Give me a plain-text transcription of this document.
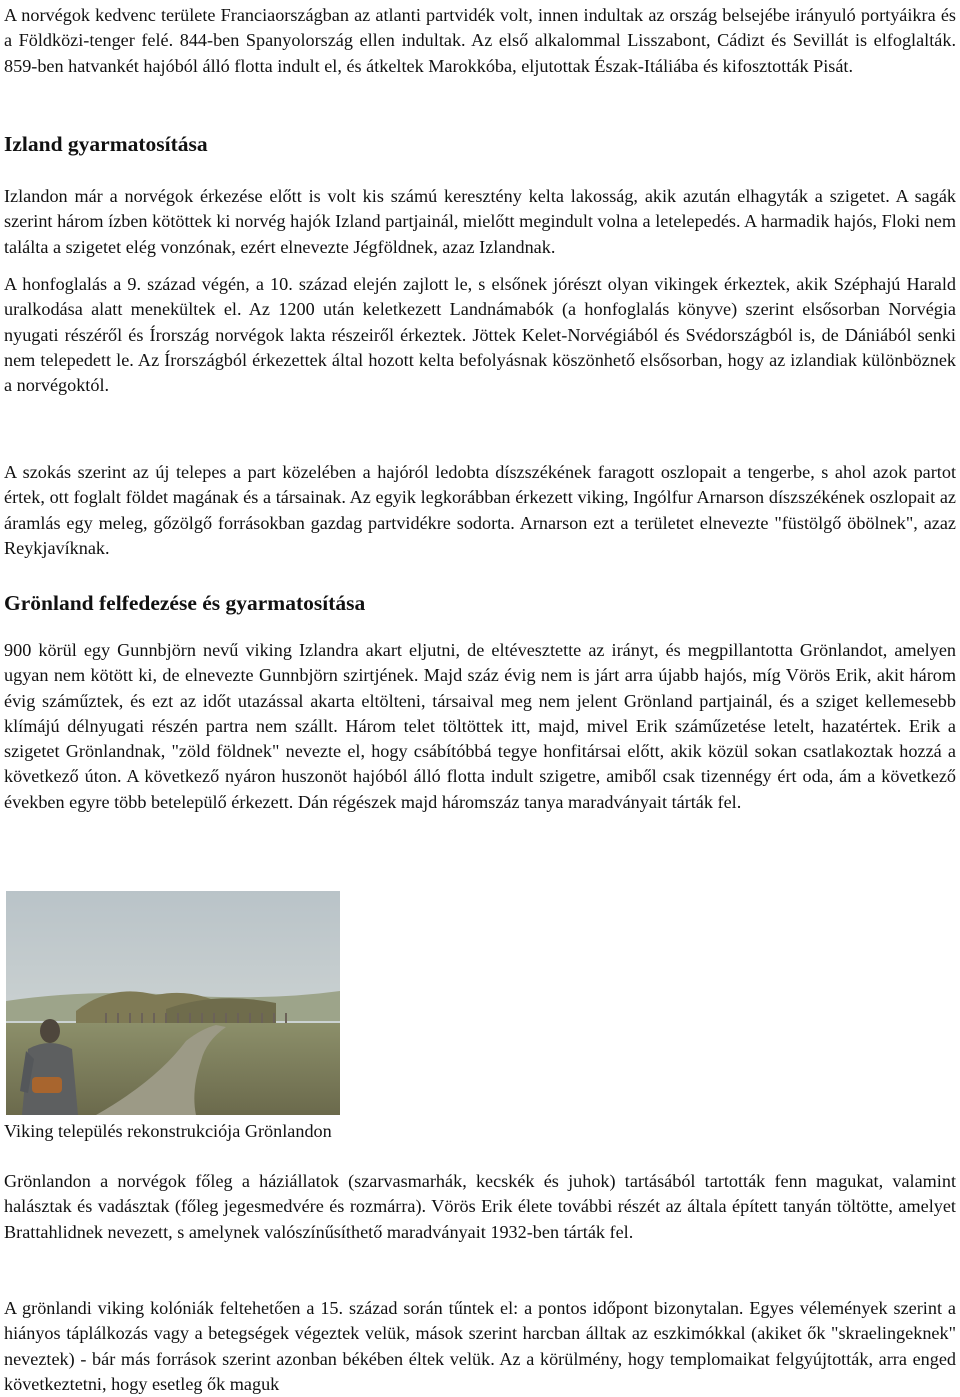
A norvégok kedvenc területe Franciaországban az atlanti partvidék volt, innen indultak az ország belsejébe irányuló portyáikra és a Földközi-tenger felé. 844-ben Spanyolország ellen indultak. Az első alkalommal Lisszabont, Cádizt és Sevillát is elfoglalták. 859-ben hatvankét hajóból álló flotta indult el, és átkeltek Marokkóba, eljutottak Észak-Itáliába és kifosztották Pisát.

Izland gyarmatosítása

Izlandon már a norvégok érkezése előtt is volt kis számú keresztény kelta lakosság, akik azután elhagyták a szigetet. A sagák szerint három ízben kötöttek ki norvég hajók Izland partjainál, mielőtt megindult volna a letelepedés. A harmadik hajós, Floki nem találta a szigetet elég vonzónak, ezért elnevezte Jégföldnek, azaz Izlandnak.

A honfoglalás a 9. század végén, a 10. század elején zajlott le, s elsőnek jórészt olyan vikingek érkeztek, akik Széphajú Harald uralkodása alatt menekültek el. Az 1200 után keletkezett Landnámabók (a honfoglalás könyve) szerint elsősorban Norvégia nyugati részéről és Írország norvégok lakta részeiről érkeztek. Jöttek Kelet-Norvégiából és Svédországból is, de Dániából senki nem telepedett le. Az Írországból érkezettek által hozott kelta befolyásnak köszönhető elsősorban, hogy az izlandiak különböznek a norvégoktól.

A szokás szerint az új telepes a part közelében a hajóról ledobta díszszékének faragott oszlopait a tengerbe, s ahol azok partot értek, ott foglalt földet magának és a társainak. Az egyik legkorábban érkezett viking, Ingólfur Arnarson díszszékének oszlopait az áramlás egy meleg, gőzölgő forrásokban gazdag partvidékre sodorta. Arnarson ezt a területet elnevezte "füstölgő öbölnek", azaz Reykjavíknak.

Grönland felfedezése és gyarmatosítása

900 körül egy Gunnbjörn nevű viking Izlandra akart eljutni, de eltévesztette az irányt, és megpillantotta Grönlandot, amelyen ugyan nem kötött ki, de elnevezte Gunnbjörn szirtjének. Majd száz évig nem is járt arra újabb hajós, míg Vörös Erik, akit három évig száműztek, és ezt az időt utazással akarta eltölteni, társaival meg nem jelent Grönland partjainál, és a sziget kellemesebb klímájú délnyugati részén partra nem szállt. Három telet töltöttek itt, majd, mivel Erik száműzetése letelt, hazatértek. Erik a szigetet Grönlandnak, "zöld földnek" nevezte el, hogy csábítóbbá tegye honfitársai előtt, akik közül sokan csatlakoztak hozzá a következő úton. A következő nyáron huszonöt hajóból álló flotta indult szigetre, amiből csak tizennégy ért oda, ám a következő években egyre több betelepülő érkezett. Dán régészek majd háromszáz tanya maradványait tárták fel.

Viking település rekonstrukciója Grönlandon

Grönlandon a norvégok főleg a háziállatok (szarvasmarhák, kecskék és juhok) tartásából tartották fenn magukat, valamint halásztak és vadásztak (főleg jegesmedvére és rozmárra). Vörös Erik élete további részét az általa épített tanyán töltötte, amelyet Brattahlidnek nevezett, s amelynek valószínűsíthető maradványait 1932-ben tárták fel.

A grönlandi viking kolóniák feltehetően a 15. század során tűntek el: a pontos időpont bizonytalan. Egyes vélemények szerint a hiányos táplálkozás vagy a betegségek végeztek velük, mások szerint harcban álltak az eszkimókkal (akiket ők "skraelingeknek" neveztek) - bár más források szerint azonban békében éltek velük. Az a körülmény, hogy templomaikat felgyújtották, arra enged következtetni, hogy esetleg ők maguk
